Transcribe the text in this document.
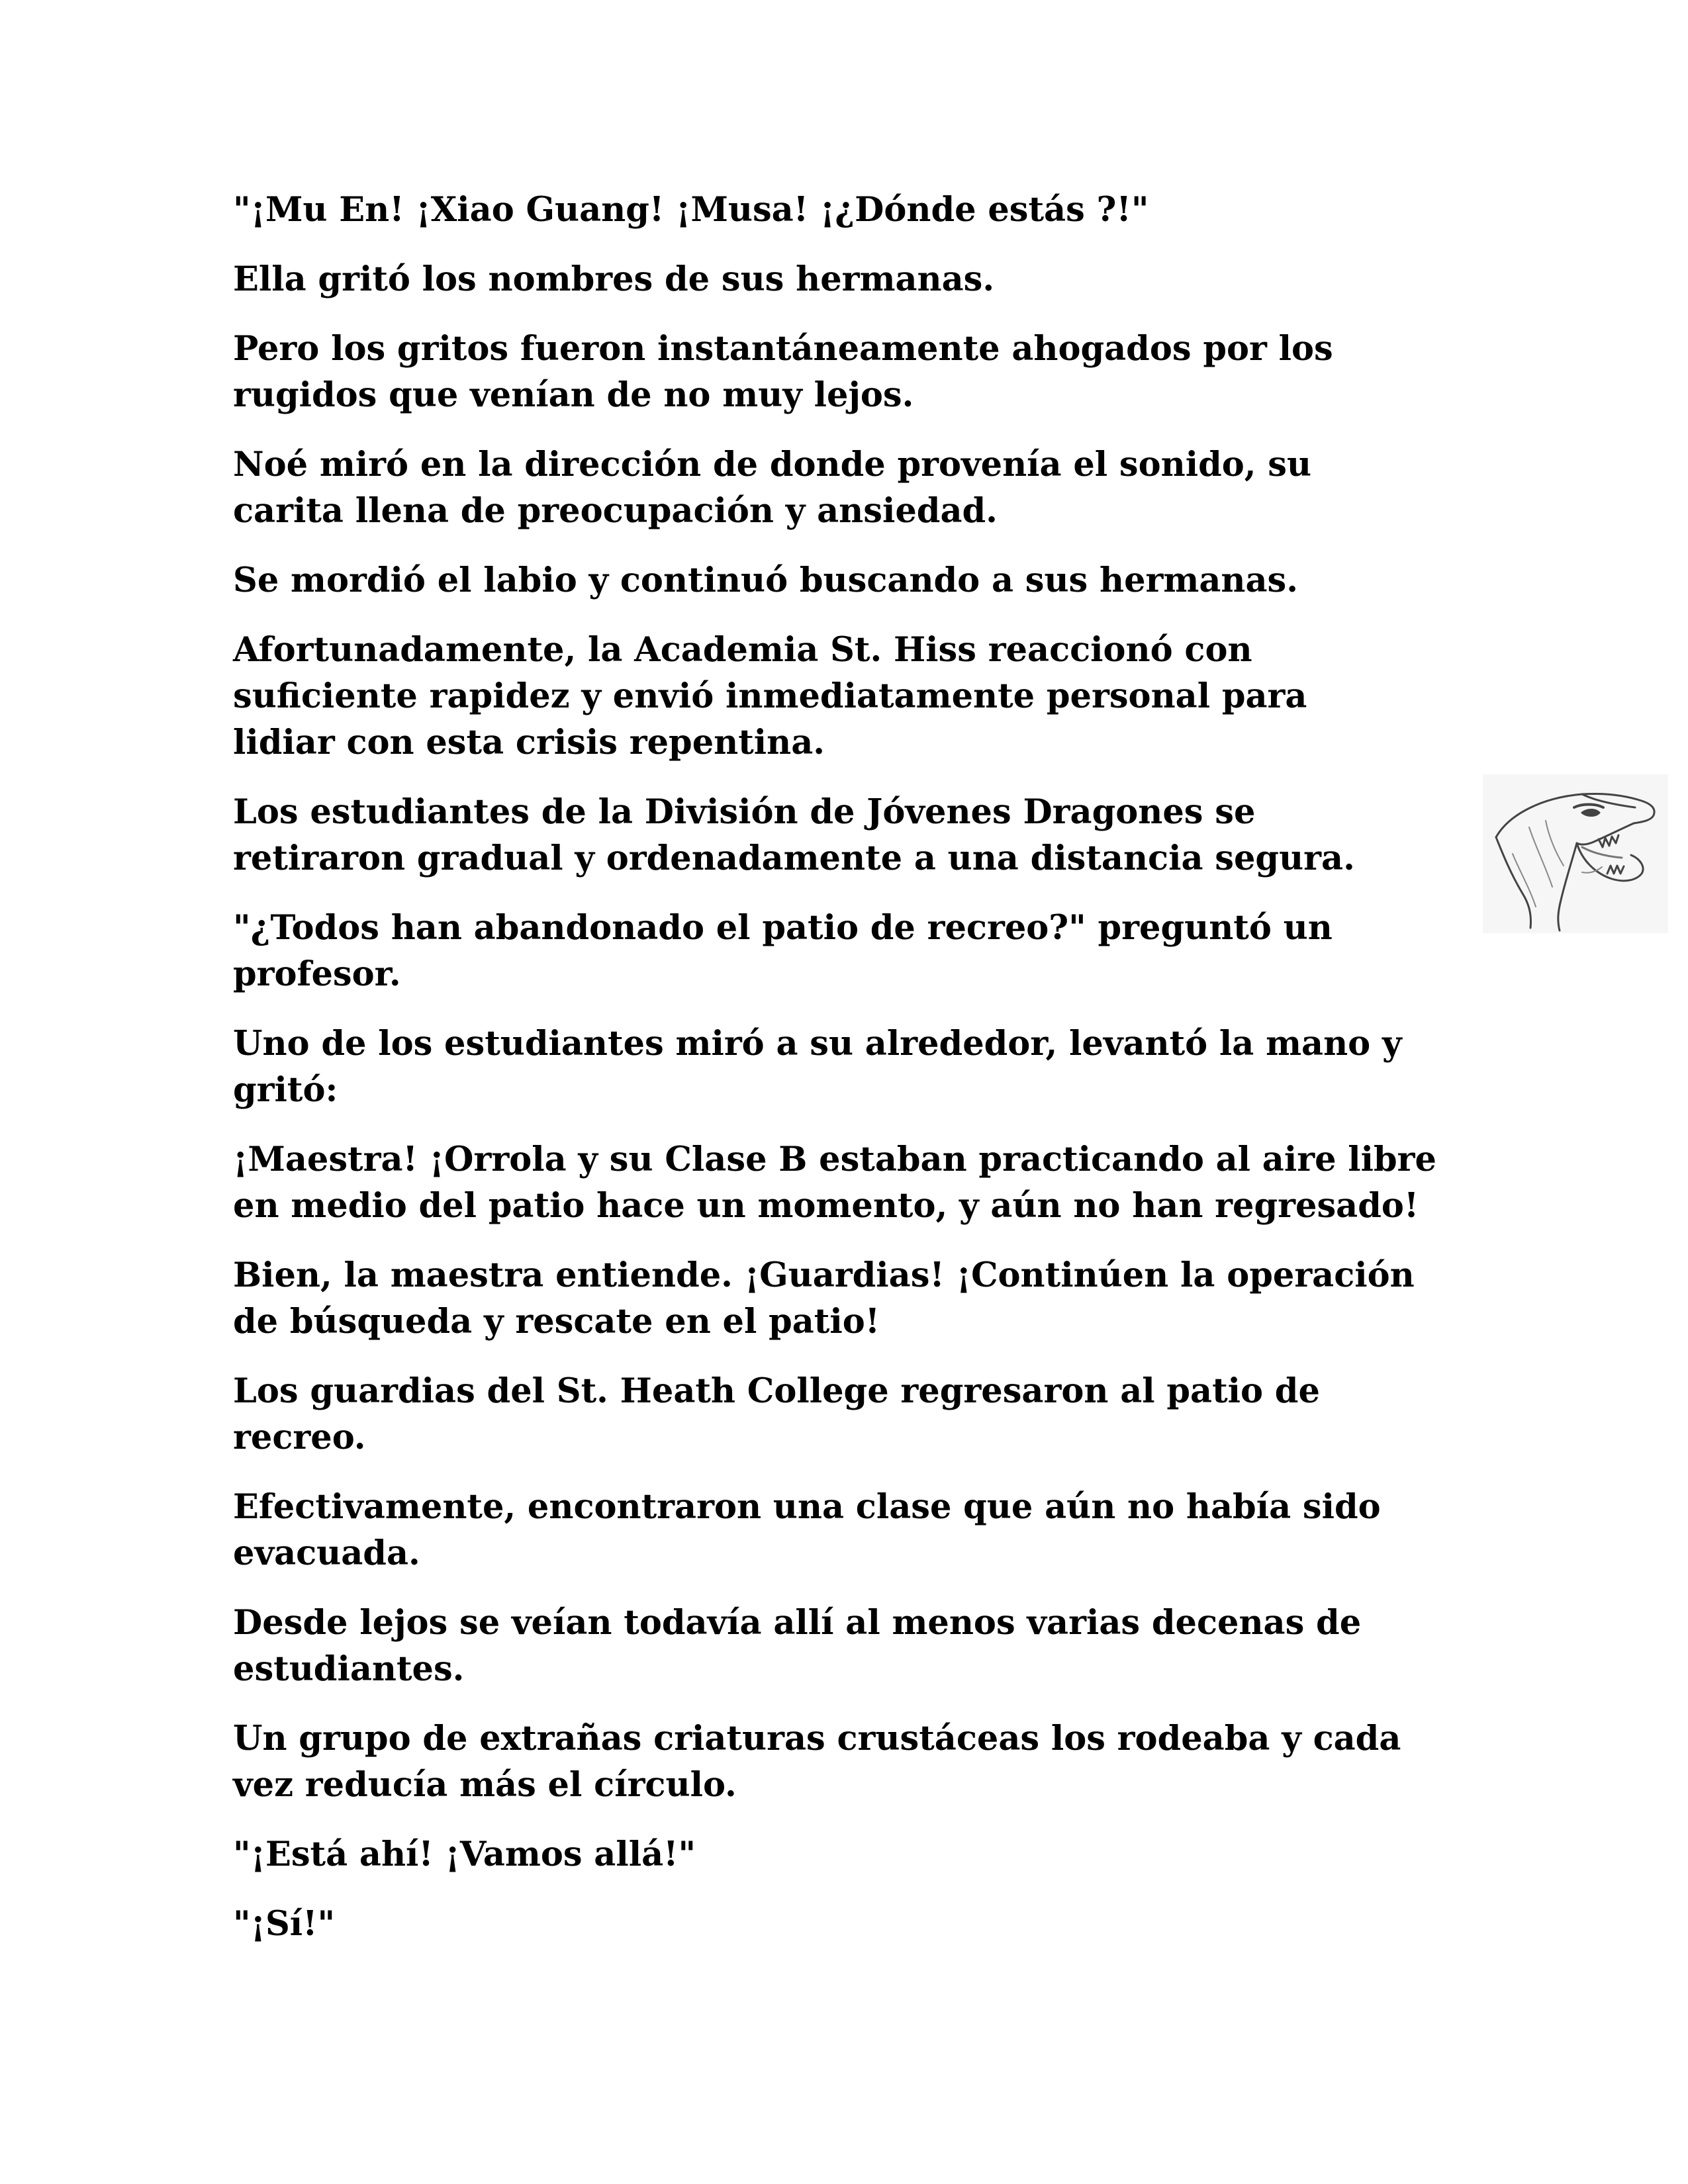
"¡Mu En! ¡Xiao Guang! ¡Musa! ¡¿Dónde estás ?!"

Ella gritó los nombres de sus hermanas.

Pero los gritos fueron instantáneamente ahogados por los
rugidos que venían de no muy lejos.

Noé miró en la dirección de donde provenía el sonido, su
carita llena de preocupación y ansiedad.

Se mordió el labio y continuó buscando a sus hermanas.

Afortunadamente, la Academia St. Hiss reaccionó con
suficiente rapidez y envió inmediatamente personal para
lidiar con esta crisis repentina.

Los estudiantes de la División de Jóvenes Dragones se
retiraron gradual y ordenadamente a una distancia segura.

"¿Todos han abandonado el patio de recreo?" preguntó un
profesor.

Uno de los estudiantes miró a su alrededor, levantó la mano y
gritó:

¡Maestra! ¡Orrola y su Clase B estaban practicando al aire libre
en medio del patio hace un momento, y aún no han regresado!

Bien, la maestra entiende. ¡Guardias! ¡Continúen la operación
de búsqueda y rescate en el patio!

Los guardias del St. Heath College regresaron al patio de
recreo.

Efectivamente, encontraron una clase que aún no había sido
evacuada.

Desde lejos se veían todavía allí al menos varias decenas de
estudiantes.

Un grupo de extrañas criaturas crustáceas los rodeaba y cada
vez reducía más el círculo.

"¡Está ahí! ¡Vamos allá!"

"¡Sí!"
